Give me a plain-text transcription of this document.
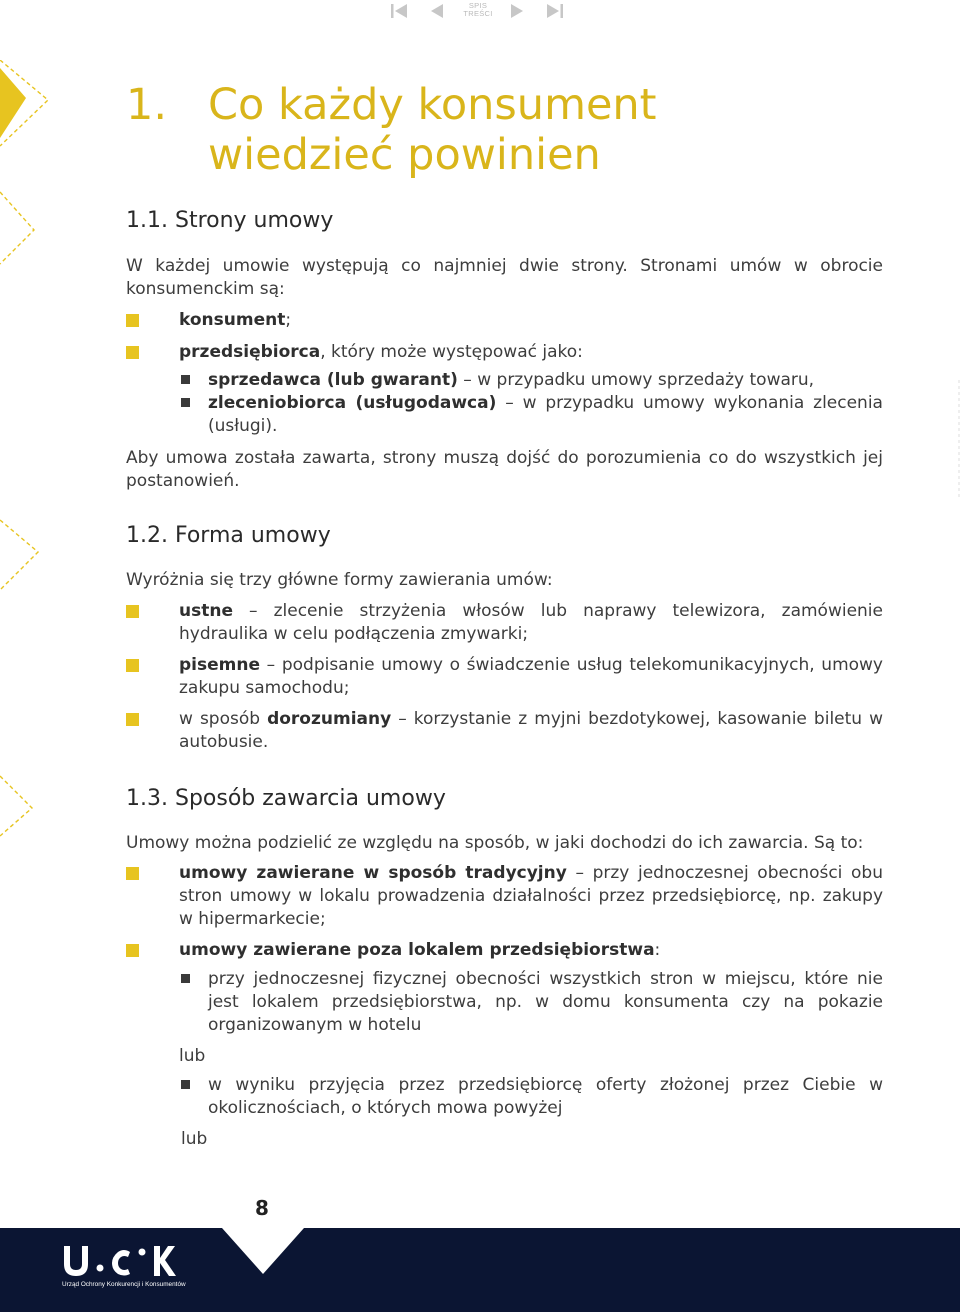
SPIS
TREŚCI
1. Co każdy konsument
wiedzieć powinien
1.1. Strony umowy

W każdej umowie występują co najmniej dwie strony. Stronami umów w obrocie konsumenckim są:

konsument;
przedsiębiorca, który może występować jako:
sprzedawca (lub gwarant) – w przypadku umowy sprzedaży towaru,
zleceniobiorca (usługodawca) – w przypadku umowy wykonania zlecenia (usługi).

Aby umowa została zawarta, strony muszą dojść do porozumienia co do wszystkich jej postanowień.

1.2. Forma umowy

Wyróżnia się trzy główne formy zawierania umów:

ustne – zlecenie strzyżenia włosów lub naprawy telewizora, zamówienie hydraulika w celu podłączenia zmywarki;
pisemne – podpisanie umowy o świadczenie usług telekomunikacyjnych, umowy zakupu samochodu;
w sposób dorozumiany – korzystanie z myjni bezdotykowej, kasowanie biletu w autobusie.
1.3. Sposób zawarcia umowy

Umowy można podzielić ze względu na sposób, w jaki dochodzi do ich zawarcia. Są to:

umowy zawierane w sposób tradycyjny – przy jednoczesnej obecności obu stron umowy w lokalu prowadzenia działalności przez przedsiębiorcę, np. zakupy w hipermarkecie;
umowy zawierane poza lokalem przedsiębiorstwa:
przy jednoczesnej fizycznej obecności wszystkich stron w miejscu, które nie jest lokalem przedsiębiorstwa, np. w domu konsumenta czy na pokazie organizowanym w hotelu
lub
w wyniku przyjęcia przez przedsiębiorcę oferty złożonej przez Ciebie w okolicznościach, o których mowa powyżej
lub
8
Urząd Ochrony Konkurencji i Konsumentów
